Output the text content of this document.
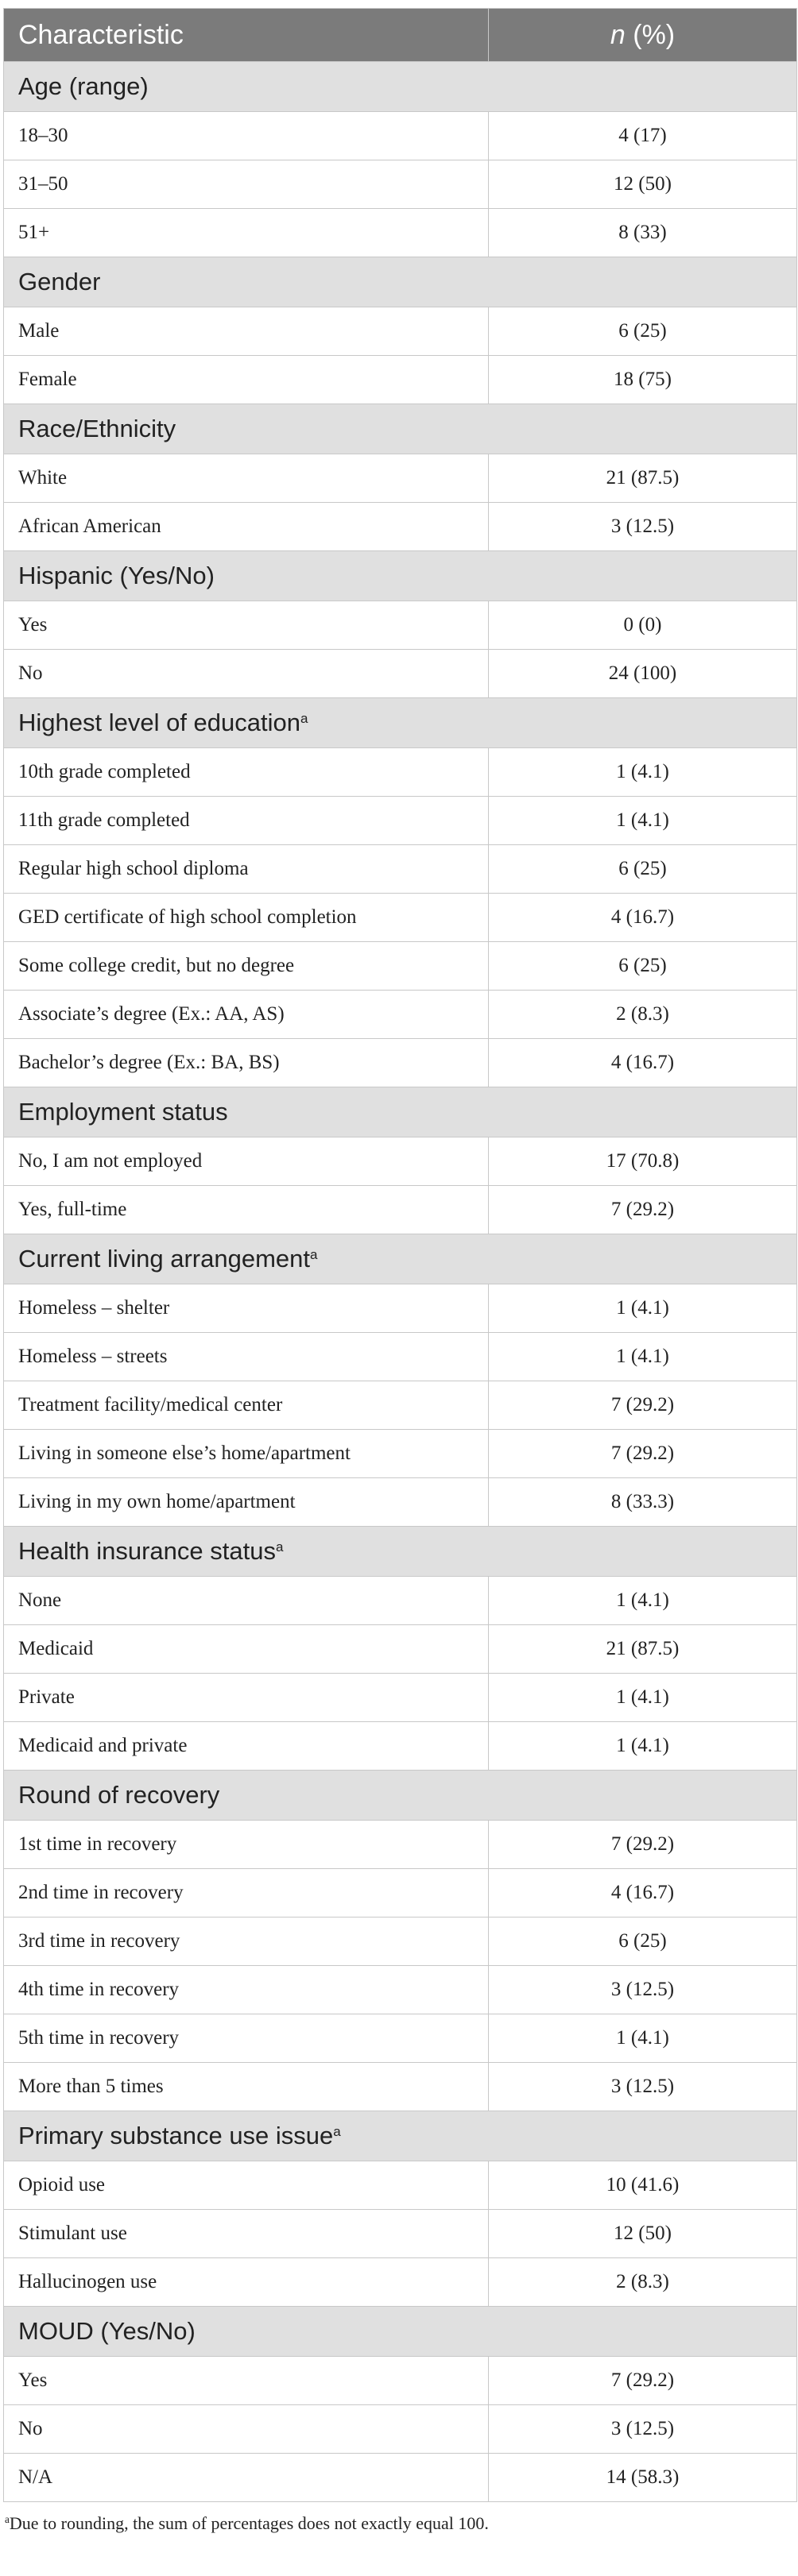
Characteristic	n (%)
Age (range)	
18–30	4 (17)
31–50	12 (50)
51+	8 (33)
Gender	
Male	6 (25)
Female	18 (75)
Race/Ethnicity	
White	21 (87.5)
African American	3 (12.5)
Hispanic (Yes/No)	
Yes	0 (0)
No	24 (100)
Highest level of education$^a$
10th grade completed	1 (4.1)
11th grade completed	1 (4.1)
Regular high school diploma	6 (25)
GED certificate of high school completion	4 (16.7)
Some college credit, but no degree	6 (25)
Associate’s degree (Ex.: AA, AS)	2 (8.3)
Bachelor’s degree (Ex.: BA, BS)	4 (16.7)
Employment status	
No, I am not employed	17 (70.8)
Yes, full-time	7 (29.2)
Current living arrangement$^a$
Homeless – shelter	1 (4.1)
Homeless – streets	1 (4.1)
Treatment facility/medical center	7 (29.2)
Living in someone else’s home/apartment	7 (29.2)
Living in my own home/apartment	8 (33.3)
Health insurance status$^a$
None	1 (4.1)
Medicaid	21 (87.5)
Private	1 (4.1)
Medicaid and private	1 (4.1)
Round of recovery	
1st time in recovery	7 (29.2)
2nd time in recovery	4 (16.7)
3rd time in recovery	6 (25)
4th time in recovery	3 (12.5)
5th time in recovery	1 (4.1)
More than 5 times	3 (12.5)
Primary substance use issue$^a$
Opioid use	10 (41.6)
Stimulant use	12 (50)
Hallucinogen use	2 (8.3)
MOUD (Yes/No)	
Yes	7 (29.2)
No	3 (12.5)
N/A	14 (58.3)
$^a$Due to rounding, the sum of percentages does not exactly equal 100.
